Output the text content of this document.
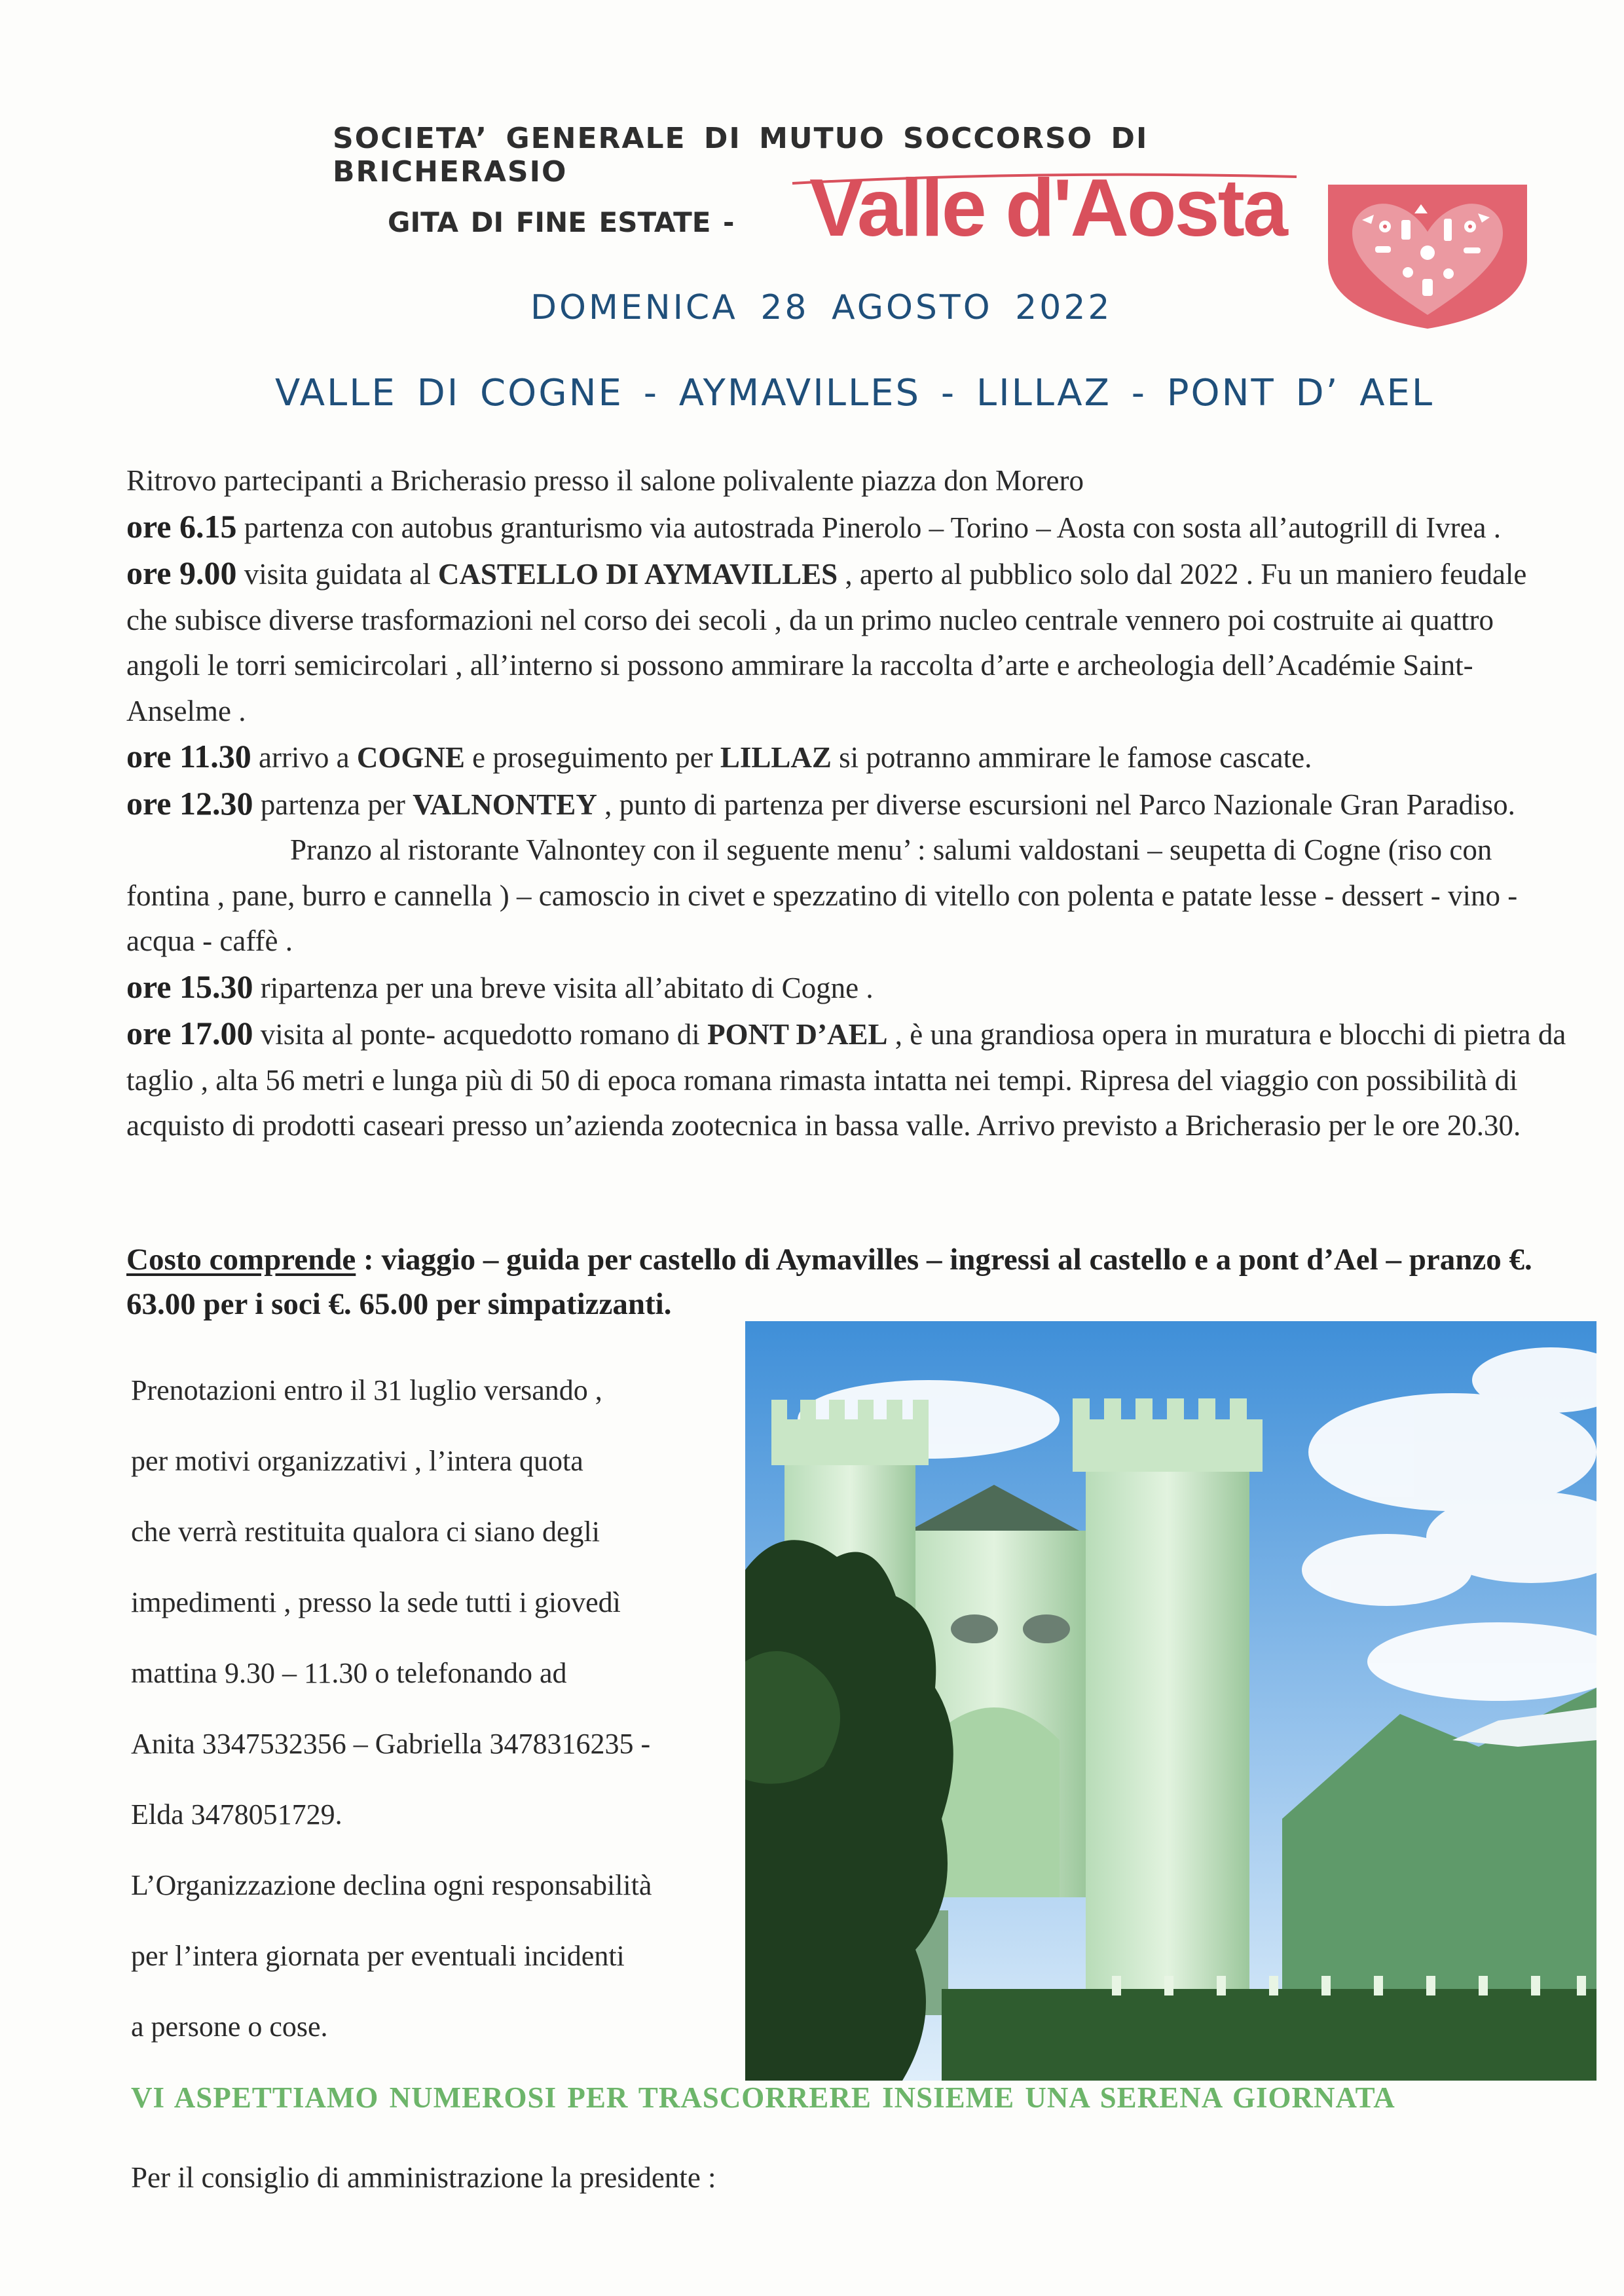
SOCIETA’ GENERALE DI MUTUO SOCCORSO DI BRICHERASIO
GITA DI FINE ESTATE - Valle d'Aosta
DOMENICA 28 AGOSTO 2022
VALLE DI COGNE - AYMAVILLES - LILLAZ - PONT D’ AEL

Ritrovo partecipanti a Bricherasio presso il salone polivalente piazza don Morero

ore 6.15 partenza con autobus granturismo via autostrada Pinerolo – Torino – Aosta con sosta all’autogrill di Ivrea .

ore 9.00 visita guidata al CASTELLO DI AYMAVILLES , aperto al pubblico solo dal 2022 . Fu un maniero feudale che subisce diverse trasformazioni nel corso dei secoli , da un primo nucleo centrale vennero poi costruite ai quattro angoli le torri semicircolari , all’interno si possono ammirare la raccolta d’arte e archeologia dell’Académie Saint- Anselme .

ore 11.30 arrivo a COGNE e proseguimento per LILLAZ si potranno ammirare le famose cascate.

ore 12.30 partenza per VALNONTEY , punto di partenza per diverse escursioni nel Parco Nazionale Gran Paradiso.Pranzo al ristorante Valnontey con il seguente menu’ : salumi valdostani – seupetta di Cogne (riso con fontina , pane, burro e cannella ) – camoscio in civet e spezzatino di vitello con polenta e patate lesse - dessert - vino - acqua - caffè .

ore 15.30 ripartenza per una breve visita all’abitato di Cogne .

ore 17.00 visita al ponte- acquedotto romano di PONT D’AEL , è una grandiosa opera in muratura e blocchi di pietra da taglio , alta 56 metri e lunga più di 50 di epoca romana rimasta intatta nei tempi. Ripresa del viaggio con possibilità di acquisto di prodotti caseari presso un’azienda zootecnica in bassa valle. Arrivo previsto a Bricherasio per le ore 20.30.

Costo comprende : viaggio – guida per castello di Aymavilles – ingressi al castello e a pont d’Ael – pranzo €. 63.00 per i soci €. 65.00 per simpatizzanti.

Prenotazioni entro il 31 luglio versando ,
per motivi organizzativi , l’intera quota
che verrà restituita qualora ci siano degli
impedimenti , presso la sede tutti i giovedì
mattina 9.30 – 11.30 o telefonando ad
Anita 3347532356 – Gabriella 3478316235 -
Elda 3478051729.
L’Organizzazione declina ogni responsabilità
per l’intera giornata per eventuali incidenti
a persone o cose.
VI ASPETTIAMO NUMEROSI PER TRASCORRERE INSIEME UNA SERENA GIORNATA
Per il consiglio di amministrazione la presidente :
